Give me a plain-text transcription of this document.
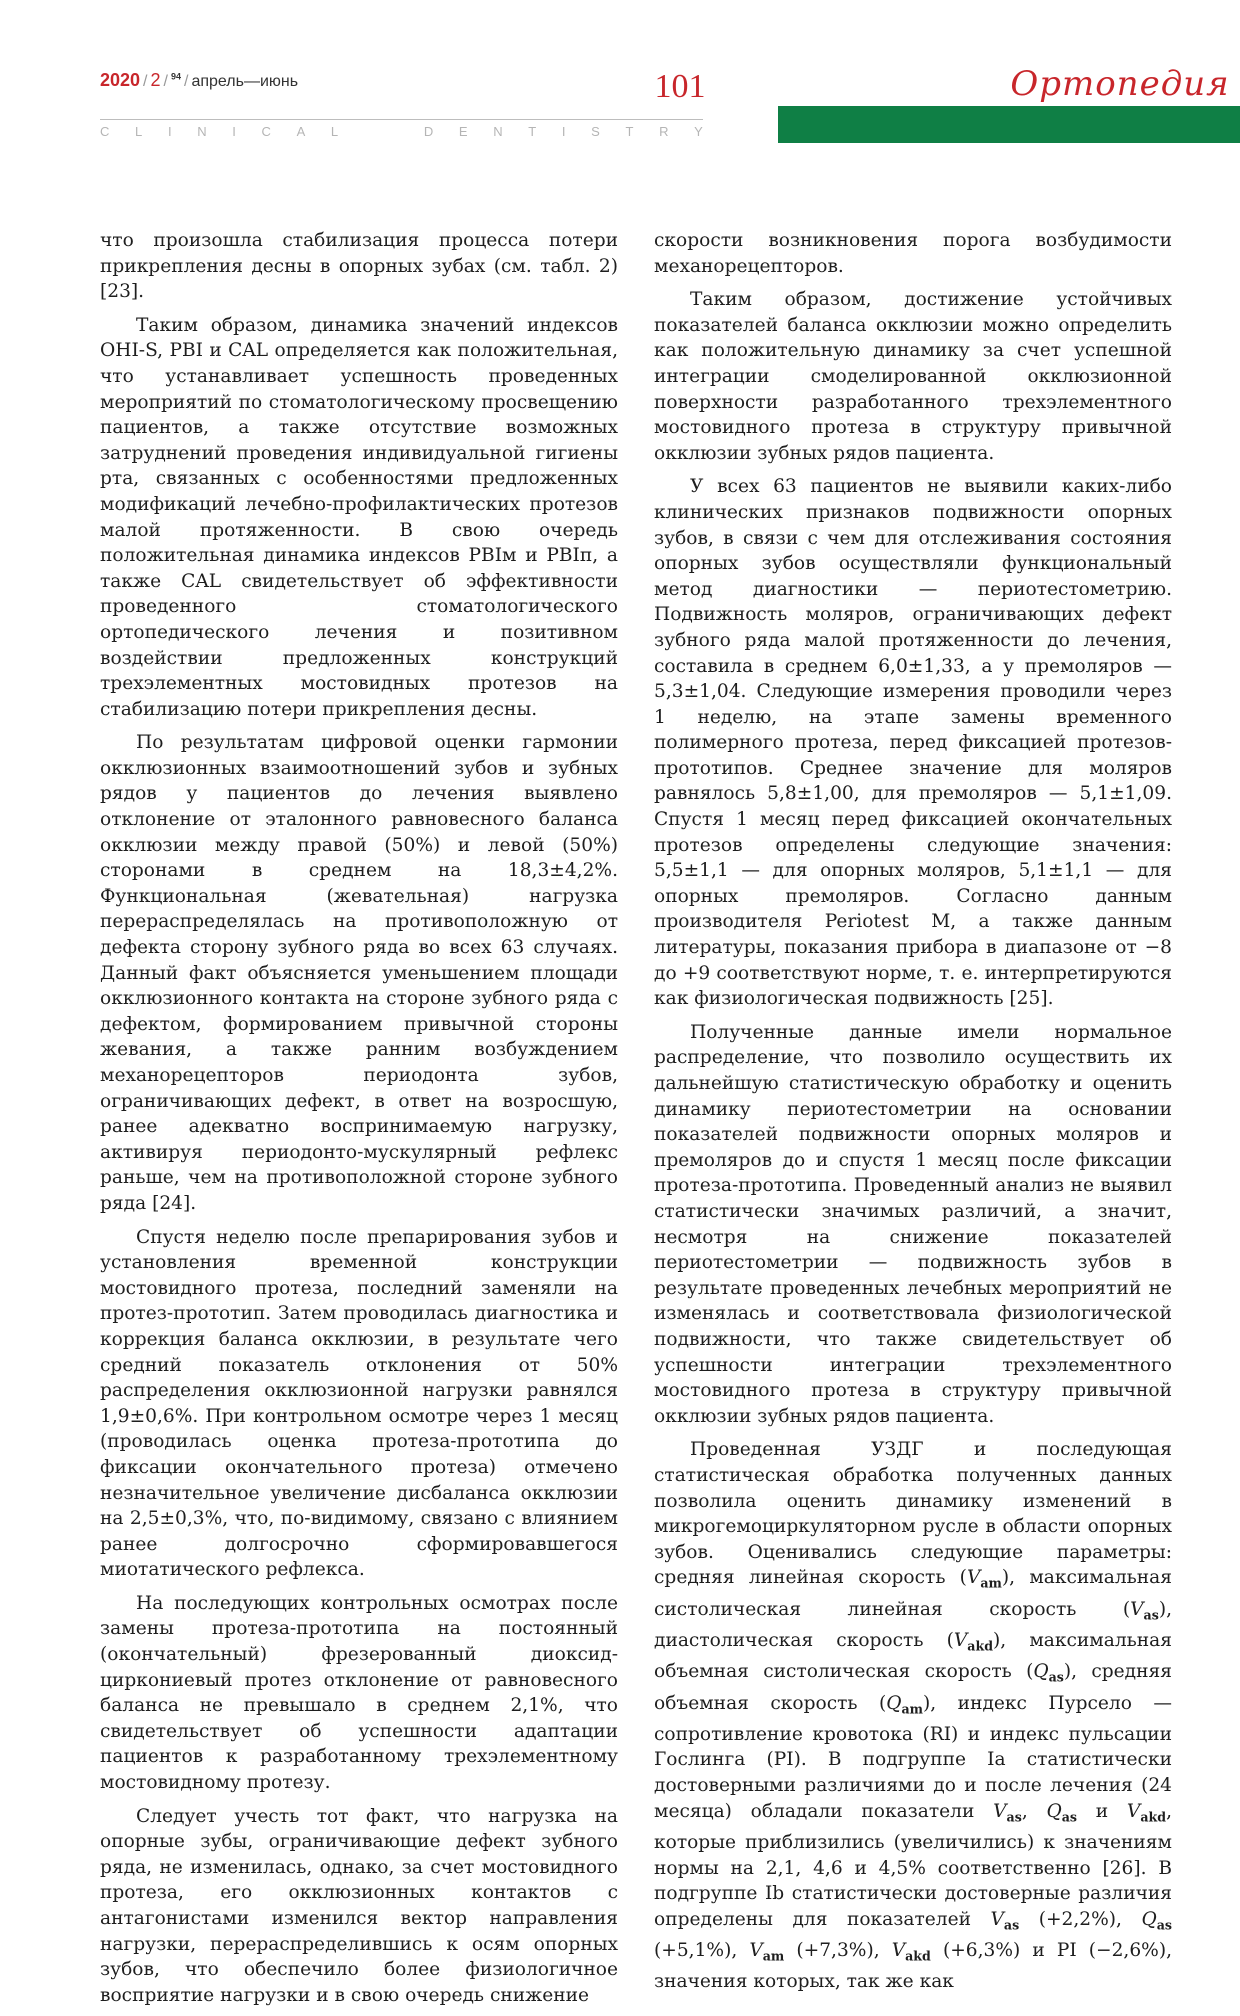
2020 / 2 / $^{94}$ / апрель—июнь	101
C L I N I C A L	D E N T I S T R Y
Ортопедия

что произошла стабилизация процесса потери прикрепления десны в опорных зубах (см. табл. 2) [23].

Таким образом, динамика значений индексов OHI-S, PBI и CAL определяется как положительная, что устанавливает успешность проведенных мероприятий по стоматологическому просвещению пациентов, а также отсутствие возможных затруднений проведения индивидуальной гигиены рта, связанных с особенностями предложенных модификаций лечебно-профилактических протезов малой протяженности. В свою очередь положительная динамика индексов PBIм и PBIп, а также CAL свидетельствует об эффективности проведенного стоматологического ортопедического лечения и позитивном воздействии предложенных конструкций трехэлементных мостовидных протезов на стабилизацию потери прикрепления десны.

По результатам цифровой оценки гармонии окклюзионных взаимоотношений зубов и зубных рядов у пациентов до лечения выявлено отклонение от эталонного равновесного баланса окклюзии между правой (50%) и левой (50%) сторонами в среднем на 18,3±4,2%. Функциональная (жевательная) нагрузка перераспределялась на противоположную от дефекта сторону зубного ряда во всех 63 случаях. Данный факт объясняется уменьшением площади окклюзионного контакта на стороне зубного ряда с дефектом, формированием привычной стороны жевания, а также ранним возбуждением механорецепторов периодонта зубов, ограничивающих дефект, в ответ на возросшую, ранее адекватно воспринимаемую нагрузку, активируя периодонто-мускулярный рефлекс раньше, чем на противоположной стороне зубного ряда [24].

Спустя неделю после препарирования зубов и установления временной конструкции мостовидного протеза, последний заменяли на протез-прототип. Затем проводилась диагностика и коррекция баланса окклюзии, в результате чего средний показатель отклонения от 50% распределения окклюзионной нагрузки равнялся 1,9±0,6%. При контрольном осмотре через 1 месяц (проводилась оценка протеза-прототипа до фиксации окончательного протеза) отмечено незначительное увеличение дисбаланса окклюзии на 2,5±0,3%, что, по-видимому, связано с влиянием ранее долгосрочно сформировавшегося миотатического рефлекса.

На последующих контрольных осмотрах после замены протеза-прототипа на постоянный (окончательный) фрезерованный диоксид-циркониевый протез отклонение от равновесного баланса не превышало в среднем 2,1%, что свидетельствует об успешности адаптации пациентов к разработанному трехэлементному мостовидному протезу.

Следует учесть тот факт, что нагрузка на опорные зубы, ограничивающие дефект зубного ряда, не изменилась, однако, за счет мостовидного протеза, его окклюзионных контактов с антагонистами изменился вектор направления нагрузки, перераспределившись к осям опорных зубов, что обеспечило более физиологичное восприятие нагрузки и в свою очередь снижение

скорости возникновения порога возбудимости механорецепторов.

Таким образом, достижение устойчивых показателей баланса окклюзии можно определить как положительную динамику за счет успешной интеграции смоделированной окклюзионной поверхности разработанного трехэлементного мостовидного протеза в структуру привычной окклюзии зубных рядов пациента.

У всех 63 пациентов не выявили каких-либо клинических признаков подвижности опорных зубов, в связи с чем для отслеживания состояния опорных зубов осуществляли функциональный метод диагностики — периотестометрию. Подвижность моляров, ограничивающих дефект зубного ряда малой протяженности до лечения, составила в среднем 6,0±1,33, а у премоляров — 5,3±1,04. Следующие измерения проводили через 1 неделю, на этапе замены временного полимерного протеза, перед фиксацией протезов-прототипов. Среднее значение для моляров равнялось 5,8±1,00, для премоляров — 5,1±1,09. Спустя 1 месяц перед фиксацией окончательных протезов определены следующие значения: 5,5±1,1 — для опорных моляров, 5,1±1,1 — для опорных премоляров. Согласно данным производителя Periotest M, а также данным литературы, показания прибора в диапазоне от −8 до +9 соответствуют норме, т. е. интерпретируются как физиологическая подвижность [25].

Полученные данные имели нормальное распределение, что позволило осуществить их дальнейшую статистическую обработку и оценить динамику периотестометрии на основании показателей подвижности опорных моляров и премоляров до и спустя 1 месяц после фиксации протеза-прототипа. Проведенный анализ не выявил статистически значимых различий, а значит, несмотря на снижение показателей периотестометрии — подвижность зубов в результате проведенных лечебных мероприятий не изменялась и соответствовала физиологической подвижности, что также свидетельствует об успешности интеграции трехэлементного мостовидного протеза в структуру привычной окклюзии зубных рядов пациента.

Проведенная УЗДГ и последующая статистическая обработка полученных данных позволила оценить динамику изменений в микрогемоциркуляторном русле в области опорных зубов. Оценивались следующие параметры: средняя линейная скорость $(V_{am})$, максимальная систолическая линейная скорость $(V_{as})$, диастолическая скорость $(V_{akd})$, максимальная объемная систолическая скорость $(Q_{as})$, средняя объемная скорость $(Q_{am})$, индекс Пурсело — сопротивление кровотока (RI) и индекс пульсации Гослинга (PI). В подгруппе Ia статистически достоверными различиями до и после лечения (24 месяца) обладали показатели $V_{as}$, $Q_{as}$ и $V_{akd}$, которые приблизились (увеличились) к значениям нормы на 2,1, 4,6 и 4,5% соответственно [26]. В подгруппе Ib статистически достоверные различия определены для показателей $V_{as}$ (+2,2%), $Q_{as}$ (+5,1%), $V_{am}$ (+7,3%), $V_{akd}$ (+6,3%) и PI (−2,6%), значения которых, так же как
